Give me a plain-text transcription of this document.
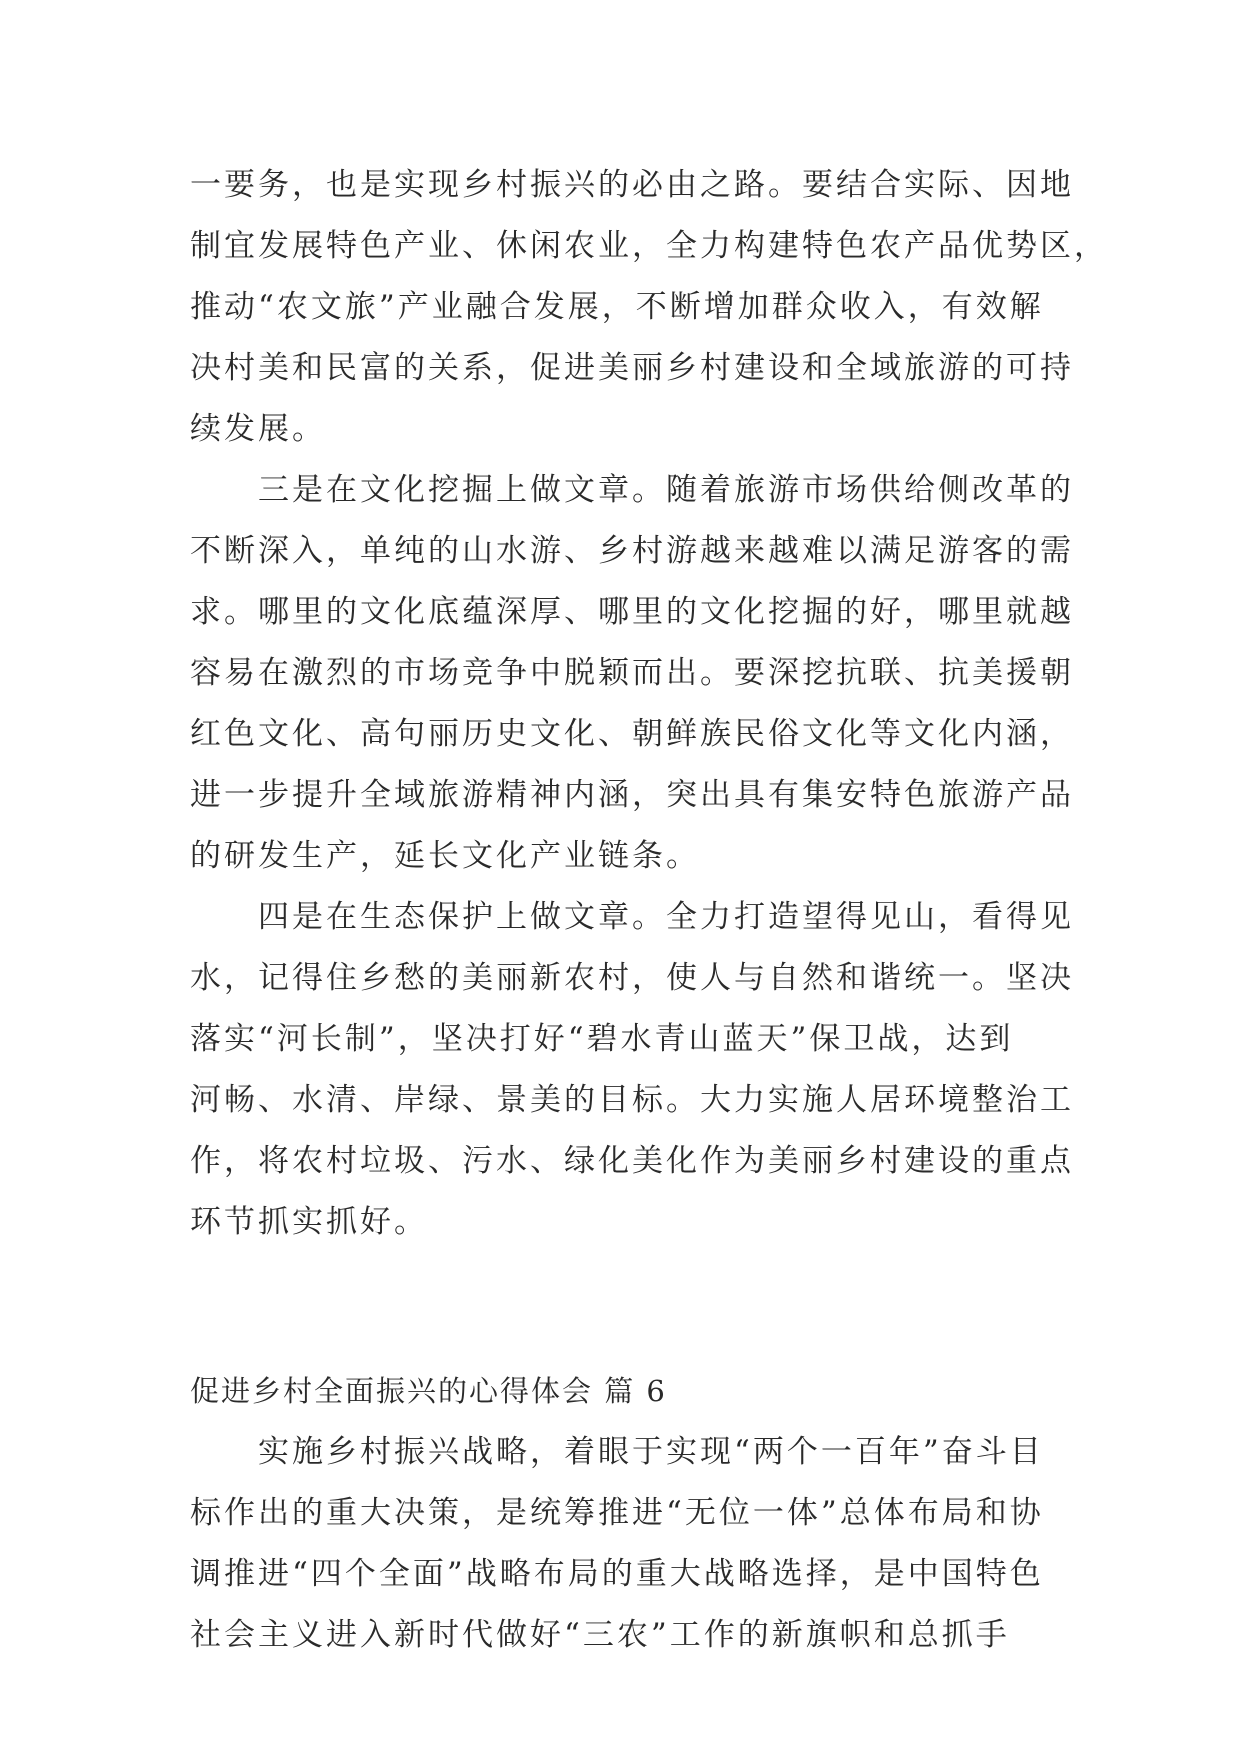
一要务，也是实现乡村振兴的必由之路。要结合实际、因地
制宜发展特色产业、休闲农业，全力构建特色农产品优势区，
推动“农文旅”产业融合发展，不断增加群众收入，有效解
决村美和民富的关系，促进美丽乡村建设和全域旅游的可持
续发展。
三是在文化挖掘上做文章。随着旅游市场供给侧改革的
不断深入，单纯的山水游、乡村游越来越难以满足游客的需
求。哪里的文化底蕴深厚、哪里的文化挖掘的好，哪里就越
容易在激烈的市场竞争中脱颖而出。要深挖抗联、抗美援朝
红色文化、高句丽历史文化、朝鲜族民俗文化等文化内涵，
进一步提升全域旅游精神内涵，突出具有集安特色旅游产品
的研发生产，延长文化产业链条。
四是在生态保护上做文章。全力打造望得见山，看得见
水，记得住乡愁的美丽新农村，使人与自然和谐统一。坚决
落实“河长制”，坚决打好“碧水青山蓝天”保卫战，达到
河畅、水清、岸绿、景美的目标。大力实施人居环境整治工
作，将农村垃圾、污水、绿化美化作为美丽乡村建设的重点
环节抓实抓好。
促进乡村全面振兴的心得体会 篇 6
实施乡村振兴战略，着眼于实现“两个一百年”奋斗目
标作出的重大决策，是统筹推进“无位一体”总体布局和协
调推进“四个全面”战略布局的重大战略选择，是中国特色
社会主义进入新时代做好“三农”工作的新旗帜和总抓手
